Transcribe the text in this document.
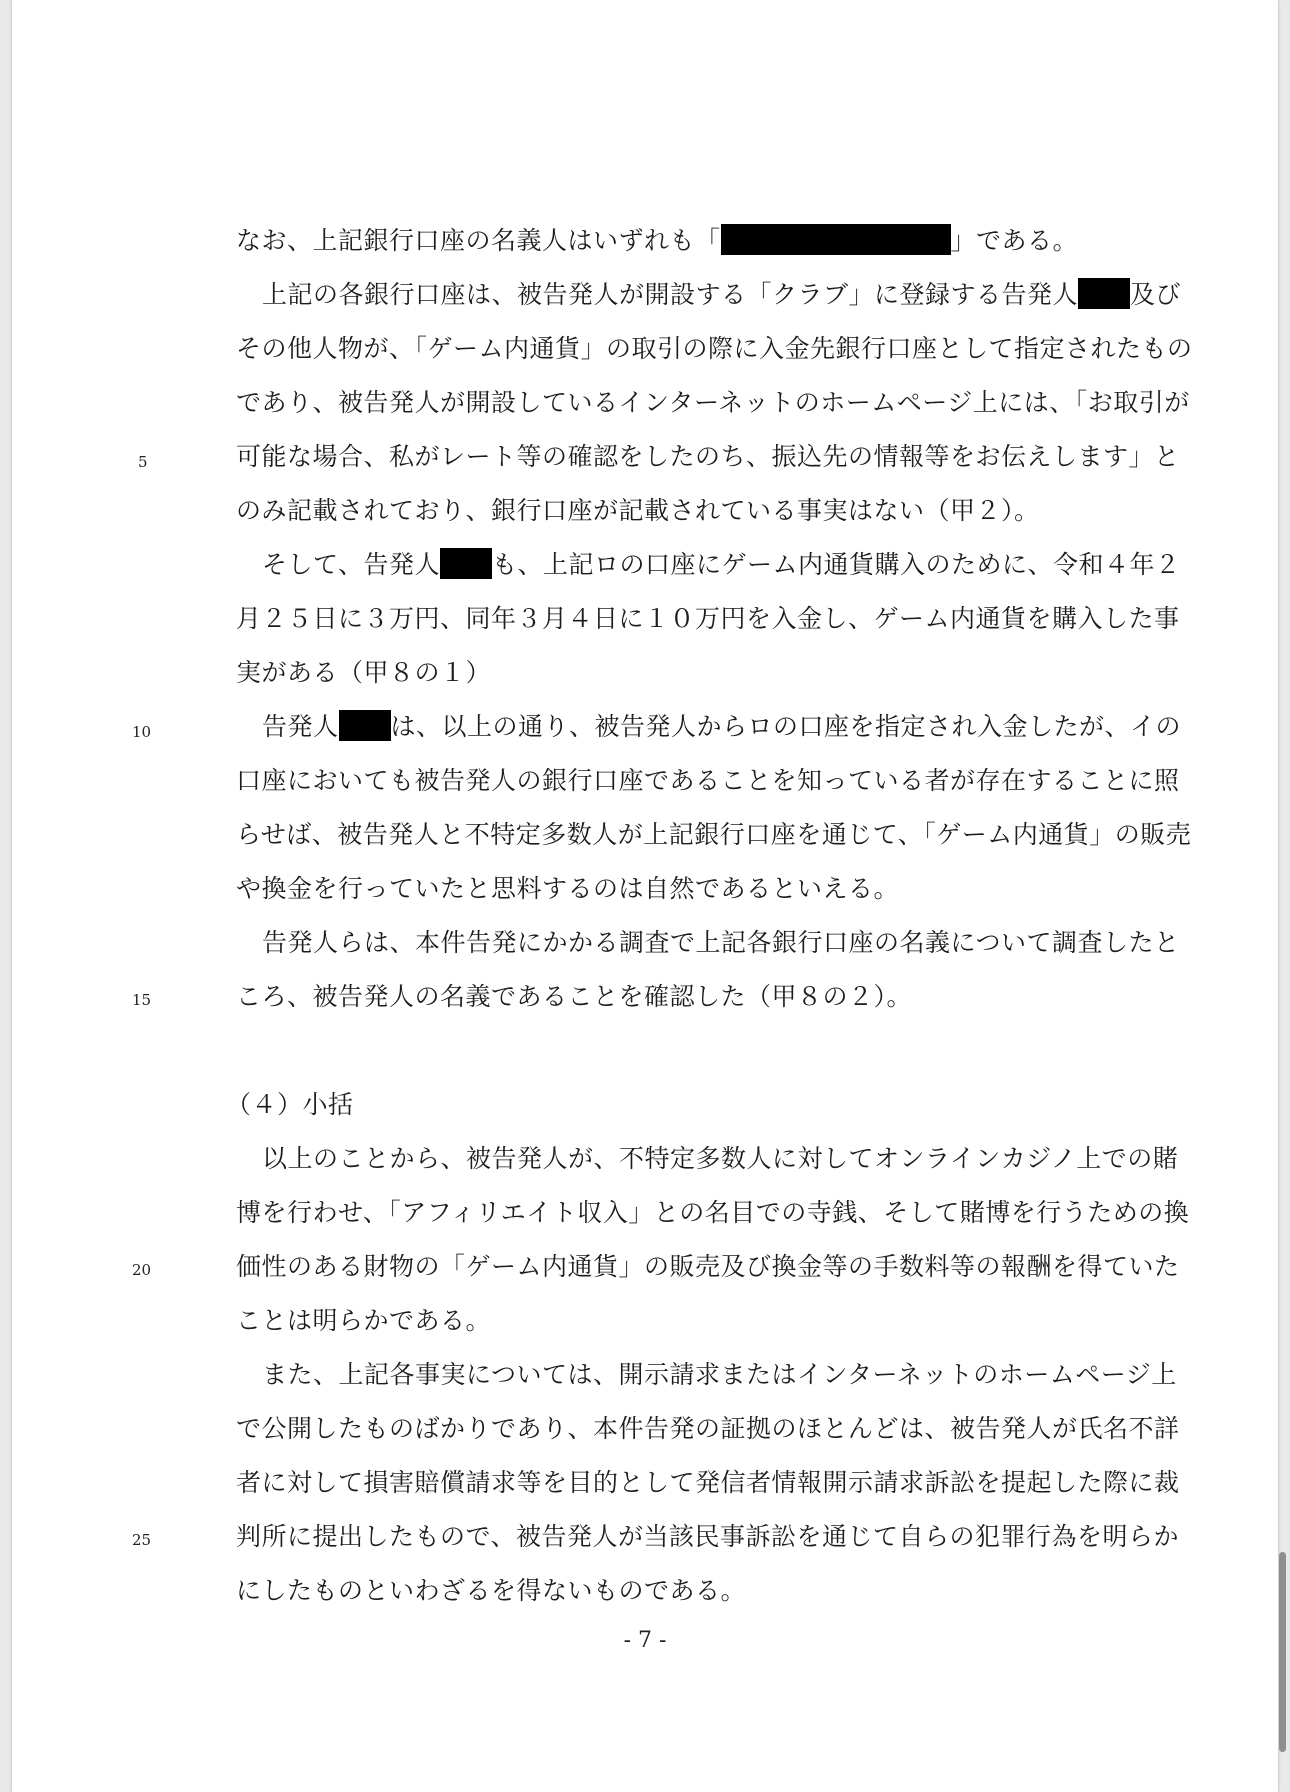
5
10
15
20
25
なお、上記銀行口座の名義人はいずれも「	」である。
上記の各銀行口座は、被告発人が開設する「クラブ」に登録する告発人 及び
その他人物が、「ゲーム内通貨」の取引の際に入金先銀行口座として指定されたもの
であり、被告発人が開設しているインターネットのホームページ上には、「お取引が
可能な場合、私がレート等の確認をしたのち、振込先の情報等をお伝えします」と
のみ記載されており、銀行口座が記載されている事実はない（甲２）。
そして、告発人 も、上記ロの口座にゲーム内通貨購入のために、令和４年２
月２５日に３万円、同年３月４日に１０万円を入金し、ゲーム内通貨を購入した事
実がある（甲８の１）
告発人 は、以上の通り、被告発人からロの口座を指定され入金したが、イの
口座においても被告発人の銀行口座であることを知っている者が存在することに照
らせば、被告発人と不特定多数人が上記銀行口座を通じて、「ゲーム内通貨」の販売
や換金を行っていたと思料するのは自然であるといえる。
告発人らは、本件告発にかかる調査で上記各銀行口座の名義について調査したと
ころ、被告発人の名義であることを確認した（甲８の２）。
（４）小括
以上のことから、被告発人が、不特定多数人に対してオンラインカジノ上での賭
博を行わせ、「アフィリエイト収入」との名目での寺銭、そして賭博を行うための換
価性のある財物の「ゲーム内通貨」の販売及び換金等の手数料等の報酬を得ていた
ことは明らかである。
また、上記各事実については、開示請求またはインターネットのホームページ上
で公開したものばかりであり、本件告発の証拠のほとんどは、被告発人が氏名不詳
者に対して損害賠償請求等を目的として発信者情報開示請求訴訟を提起した際に裁
判所に提出したもので、被告発人が当該民事訴訟を通じて自らの犯罪行為を明らか
にしたものといわざるを得ないものである。
- 7 -
